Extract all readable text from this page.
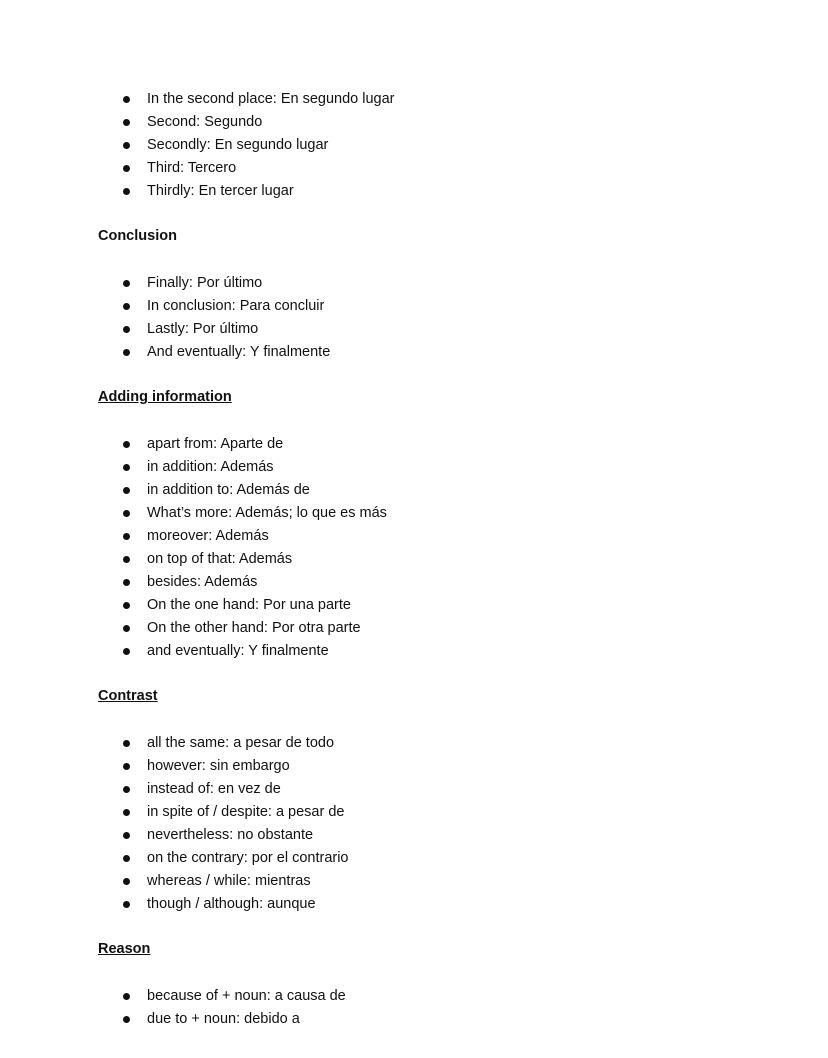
In the second place: En segundo lugar
Second: Segundo
Secondly: En segundo lugar
Third: Tercero
Thirdly: En tercer lugar
Conclusion
Finally: Por último
In conclusion: Para concluir
Lastly: Por último
And eventually: Y finalmente
Adding information
apart from: Aparte de
in addition: Además
in addition to: Además de
What’s more: Además; lo que es más
moreover: Además
on top of that: Además
besides: Además
On the one hand: Por una parte
On the other hand: Por otra parte
and eventually: Y finalmente
Contrast
all the same: a pesar de todo
however: sin embargo
instead of: en vez de
in spite of / despite: a pesar de
nevertheless: no obstante
on the contrary: por el contrario
whereas / while: mientras
though / although: aunque
Reason
because of + noun: a causa de
due to + noun: debido a
